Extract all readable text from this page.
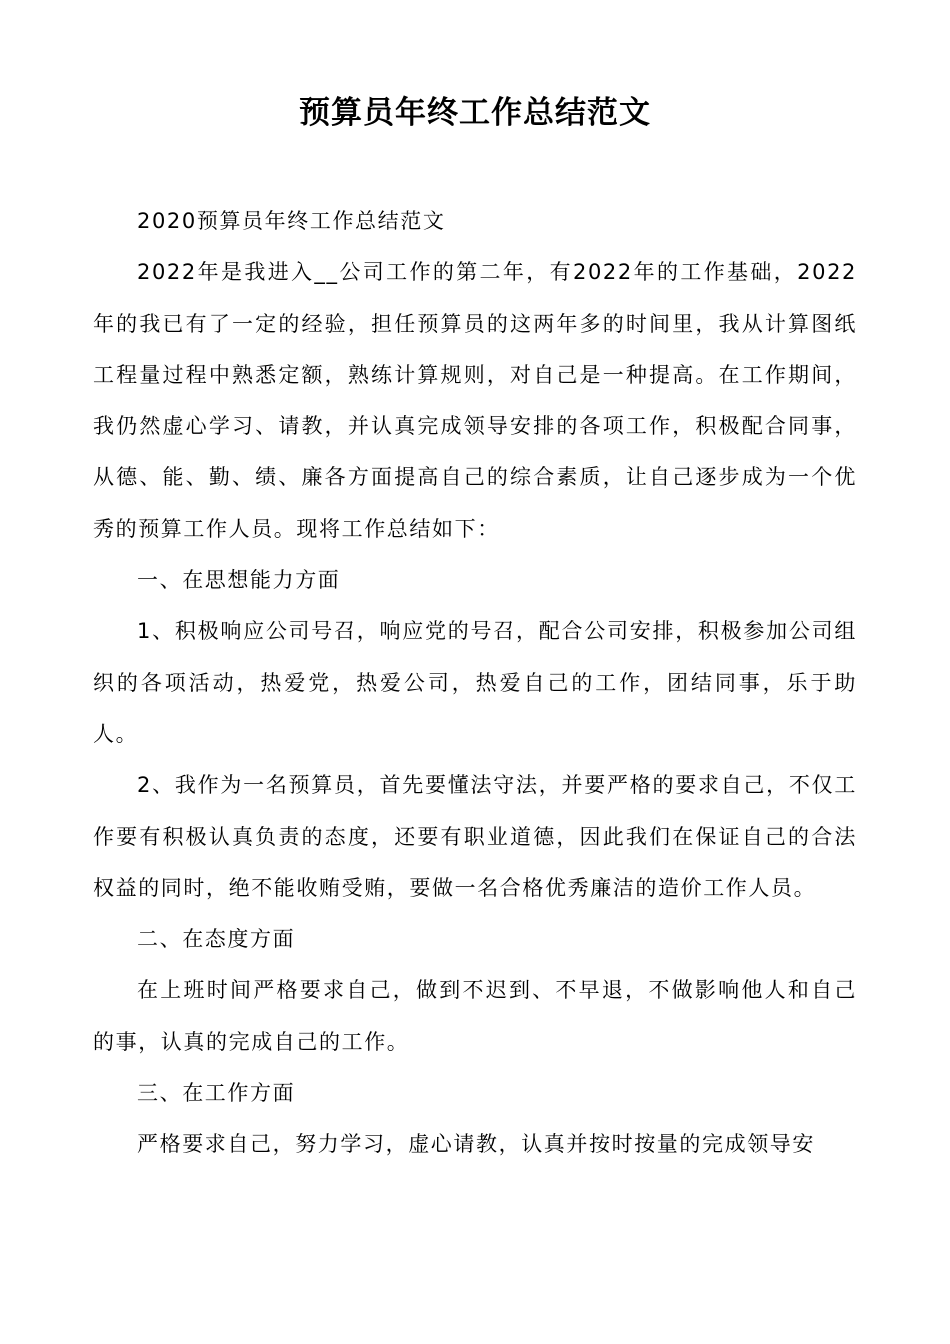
预算员年终工作总结范文

2020预算员年终工作总结范文

2022年是我进入__公司工作的第二年，有2022年的工作基础，2022年的我已有了一定的经验，担任预算员的这两年多的时间里，我从计算图纸工程量过程中熟悉定额，熟练计算规则，对自己是一种提高。在工作期间，我仍然虚心学习、请教，并认真完成领导安排的各项工作，积极配合同事，从德、能、勤、绩、廉各方面提高自己的综合素质，让自己逐步成为一个优秀的预算工作人员。现将工作总结如下：

一、在思想能力方面

1、积极响应公司号召，响应党的号召，配合公司安排，积极参加公司组织的各项活动，热爱党，热爱公司，热爱自己的工作，团结同事，乐于助人。

2、我作为一名预算员，首先要懂法守法，并要严格的要求自己，不仅工作要有积极认真负责的态度，还要有职业道德，因此我们在保证自己的合法权益的同时，绝不能收贿受贿，要做一名合格优秀廉洁的造价工作人员。

二、在态度方面

在上班时间严格要求自己，做到不迟到、不早退，不做影响他人和自己的事，认真的完成自己的工作。

三、在工作方面

严格要求自己，努力学习，虚心请教，认真并按时按量的完成领导安
